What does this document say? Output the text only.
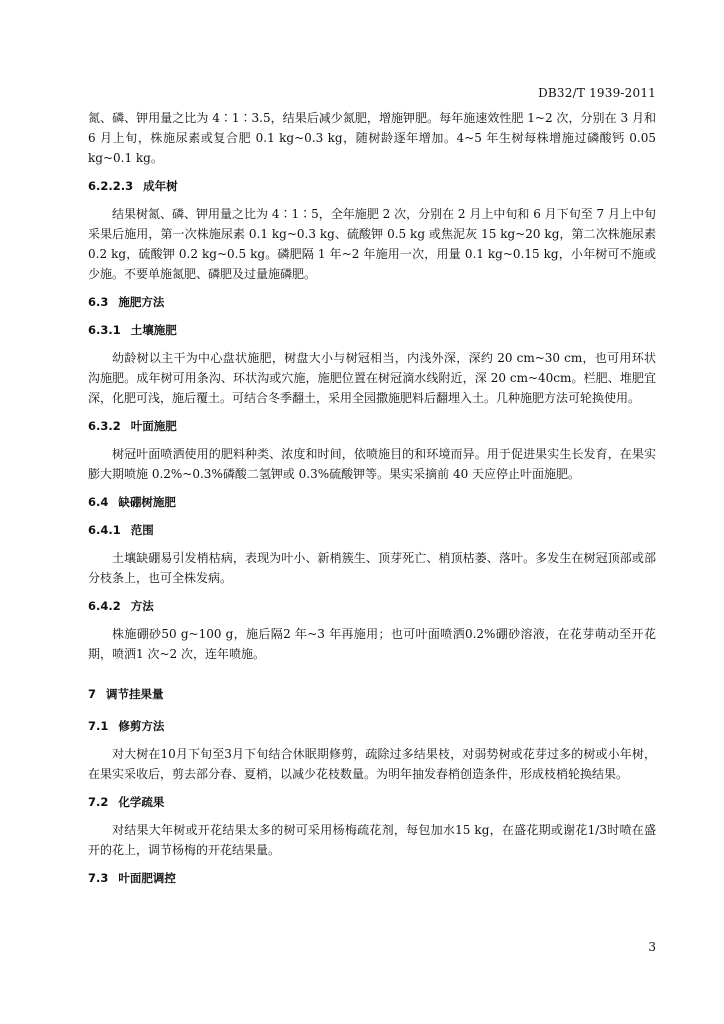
DB32/T 1939-2011

氮、磷、钾用量之比为 4∶1∶3.5，结果后减少氮肥，增施钾肥。每年施速效性肥 1~2 次，分别在 3 月和 6 月上旬，株施尿素或复合肥 0.1 kg~0.3 kg，随树龄逐年增加。4~5 年生树每株增施过磷酸钙 0.05 kg~0.1 kg。

6.2.2.3 成年树

结果树氮、磷、钾用量之比为 4∶1∶5，全年施肥 2 次，分别在 2 月上中旬和 6 月下旬至 7 月上中旬采果后施用，第一次株施尿素 0.1 kg~0.3 kg、硫酸钾 0.5 kg 或焦泥灰 15 kg~20 kg，第二次株施尿素 0.2 kg，硫酸钾 0.2 kg~0.5 kg。磷肥隔 1 年~2 年施用一次，用量 0.1 kg~0.15 kg，小年树可不施或少施。不要单施氮肥、磷肥及过量施磷肥。

6.3 施肥方法

6.3.1 土壤施肥

幼龄树以主干为中心盘状施肥，树盘大小与树冠相当，内浅外深，深约 20 cm~30 cm，也可用环状沟施肥。成年树可用条沟、环状沟或穴施，施肥位置在树冠滴水线附近，深 20 cm~40cm。栏肥、堆肥宜深，化肥可浅，施后覆土。可结合冬季翻土，采用全园撒施肥料后翻埋入土。几种施肥方法可轮换使用。

6.3.2 叶面施肥

树冠叶面喷洒使用的肥料种类、浓度和时间，依喷施目的和环境而异。用于促进果实生长发育，在果实膨大期喷施 0.2%~0.3%磷酸二氢钾或 0.3%硫酸钾等。果实采摘前 40 天应停止叶面施肥。

6.4 缺硼树施肥

6.4.1 范围

土壤缺硼易引发梢枯病，表现为叶小、新梢簇生、顶芽死亡、梢顶枯萎、落叶。多发生在树冠顶部或部分枝条上，也可全株发病。

6.4.2 方法

株施硼砂50 g~100 g，施后隔2 年~3 年再施用；也可叶面喷洒0.2%硼砂溶液，在花芽萌动至开花期，喷洒1 次~2 次，连年喷施。

7 调节挂果量

7.1 修剪方法

对大树在10月下旬至3月下旬结合休眠期修剪，疏除过多结果枝，对弱势树或花芽过多的树或小年树，在果实采收后，剪去部分春、夏梢，以减少花枝数量。为明年抽发春梢创造条件，形成枝梢轮换结果。

7.2 化学疏果

对结果大年树或开花结果太多的树可采用杨梅疏花剂，每包加水15 kg，在盛花期或谢花1/3时喷在盛开的花上，调节杨梅的开花结果量。

7.3 叶面肥调控

3
